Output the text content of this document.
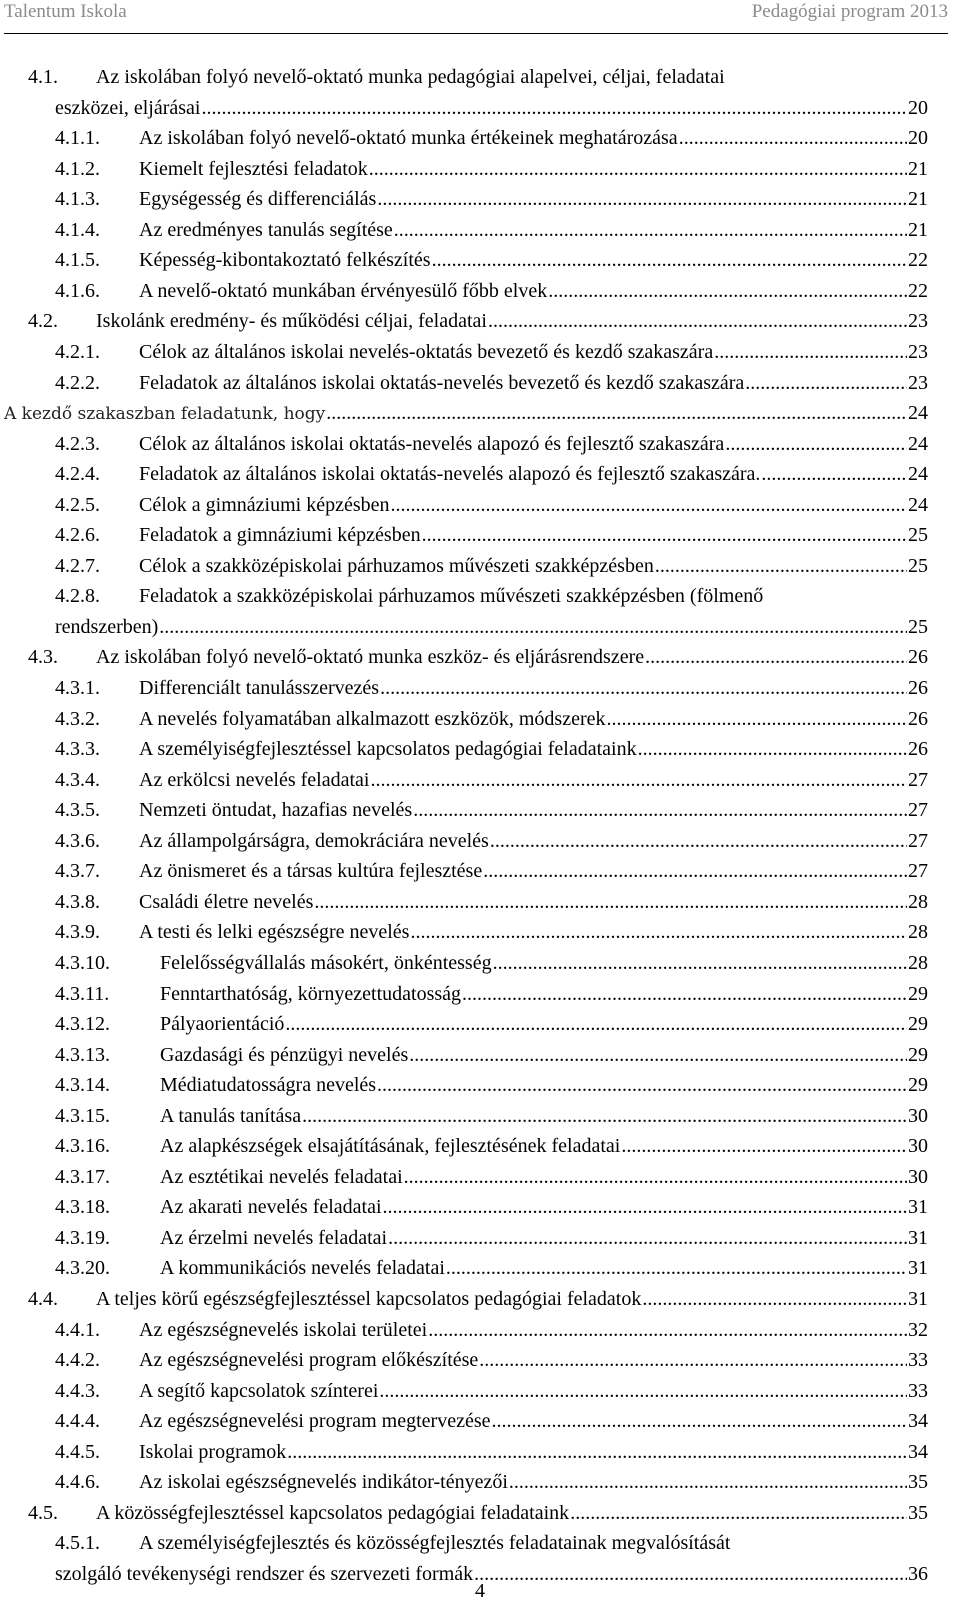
Talentum Iskola	Pedagógiai program 2013
4.1. Az iskolában folyó nevelő-oktató munka pedagógiai alapelvei, céljai, feladatai
eszközei, eljárásai .....	20
4.1.1. Az iskolában folyó nevelő-oktató munka értékeinek meghatározása .....	20
4.1.2. Kiemelt fejlesztési feladatok .....	21
4.1.3. Egységesség és differenciálás .....	21
4.1.4. Az eredményes tanulás segítése .....	21
4.1.5. Képesség-kibontakoztató felkészítés .....	22
4.1.6. A nevelő-oktató munkában érvényesülő főbb elvek .....	22
4.2. Iskolánk eredmény- és működési céljai, feladatai .....	23
4.2.1. Célok az általános iskolai nevelés-oktatás bevezető és kezdő szakaszára .....	23
4.2.2. Feladatok az általános iskolai oktatás-nevelés bevezető és kezdő szakaszára .....	23
A kezdő szakaszban feladatunk, hogy .....	24
4.2.3. Célok az általános iskolai oktatás-nevelés alapozó és fejlesztő szakaszára .....	24
4.2.4. Feladatok az általános iskolai oktatás-nevelés alapozó és fejlesztő szakaszára. .....	24
4.2.5. Célok a gimnáziumi képzésben .....	24
4.2.6. Feladatok a gimnáziumi képzésben .....	25
4.2.7. Célok a szakközépiskolai párhuzamos művészeti szakképzésben .....	25
4.2.8. Feladatok a szakközépiskolai párhuzamos művészeti szakképzésben (fölmenő
rendszerben) .....	25
4.3. Az iskolában folyó nevelő-oktató munka eszköz- és eljárásrendszere .....	26
4.3.1. Differenciált tanulásszervezés .....	26
4.3.2. A nevelés folyamatában alkalmazott eszközök, módszerek .....	26
4.3.3. A személyiségfejlesztéssel kapcsolatos pedagógiai feladataink .....	26
4.3.4. Az erkölcsi nevelés feladatai .....	27
4.3.5. Nemzeti öntudat, hazafias nevelés .....	27
4.3.6. Az állampolgárságra, demokráciára nevelés .....	27
4.3.7. Az önismeret és a társas kultúra fejlesztése .....	27
4.3.8. Családi életre nevelés .....	28
4.3.9. A testi és lelki egészségre nevelés .....	28
4.3.10.	Felelősségvállalás másokért, önkéntesség .....	28
4.3.11.	Fenntarthatóság, környezettudatosság .....	29
4.3.12.	Pályaorientáció .....	29
4.3.13.	Gazdasági és pénzügyi nevelés .....	29
4.3.14.	Médiatudatosságra nevelés .....	29
4.3.15.	A tanulás tanítása .....	30
4.3.16.	Az alapkészségek elsajátításának, fejlesztésének feladatai .....	30
4.3.17.	Az esztétikai nevelés feladatai .....	30
4.3.18.	Az akarati nevelés feladatai .....	31
4.3.19.	Az érzelmi nevelés feladatai .....	31
4.3.20.	A kommunikációs nevelés feladatai .....	31
4.4. A teljes körű egészségfejlesztéssel kapcsolatos pedagógiai feladatok .....	31
4.4.1. Az egészségnevelés iskolai területei .....	32
4.4.2. Az egészségnevelési program előkészítése .....	33
4.4.3. A segítő kapcsolatok színterei .....	33
4.4.4. Az egészségnevelési program megtervezése .....	34
4.4.5. Iskolai programok .....	34
4.4.6. Az iskolai egészségnevelés indikátor-tényezői .....	35
4.5. A közösségfejlesztéssel kapcsolatos pedagógiai feladataink .....	35
4.5.1. A személyiségfejlesztés és közösségfejlesztés feladatainak megvalósítását
szolgáló tevékenységi rendszer és szervezeti formák .....	36
4
